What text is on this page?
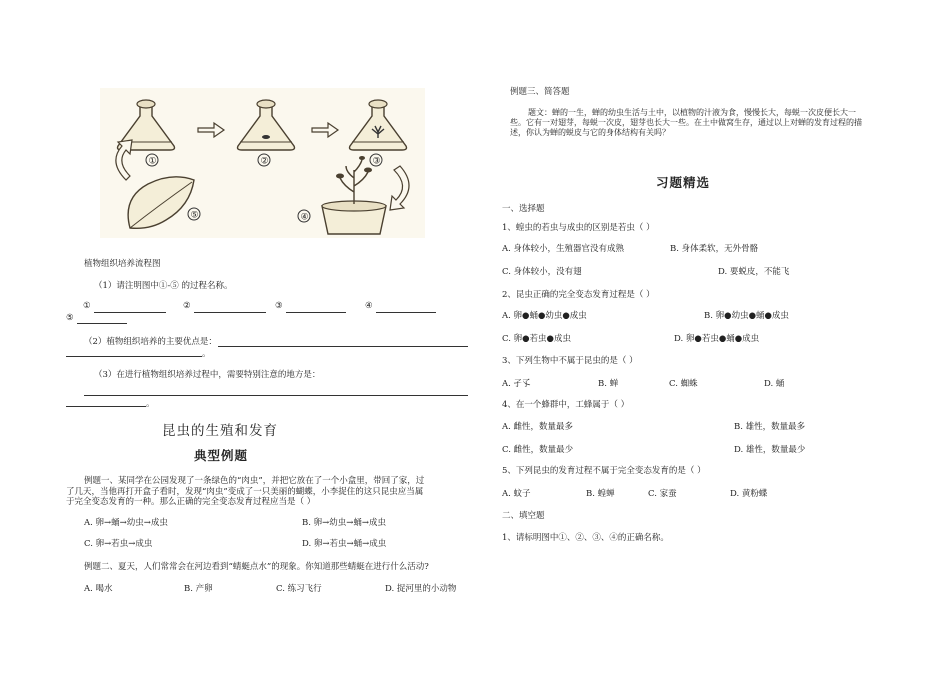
①	②	③
④
⑤
植物组织培养流程图
（1）请注明图中①-⑤ 的过程名称。
①	②	③	④
⑤
（2）植物组织培养的主要优点是：
。
（3）在进行植物组织培养过程中，需要特别注意的地方是：
。
昆虫的生殖和发育
典型例题
例题一、某同学在公园发现了一条绿色的“肉虫”，并把它放在了一个小盒里，带回了家，过
了几天，当他再打开盒子看时，发现“肉虫”变成了一只美丽的蝴蝶，小李捉住的这只昆虫应当属
于完全变态发育的一种。那么正确的完全变态发育过程应当是（ ）
A. 卵→蛹→幼虫→成虫	B. 卵→幼虫→蛹→成虫
C. 卵→若虫→成虫	D. 卵→若虫→蛹→成虫
例题二、夏天，人们常常会在河边看到“蜻蜓点水”的现象。你知道那些蜻蜓在进行什么活动?
A. 喝水	B. 产卵	C. 练习飞行	D. 捉河里的小动物
例题三、简答题
题文：蝉的一生，蝉的幼虫生活与土中，以植物的汁液为食，慢慢长大，每蜕一次皮便长大一
些。它有一对翅芽，每蜕一次皮，翅芽也长大一些。在土中做窝生存，通过以上对蝉的发育过程的描
述，你认为蝉的蜕皮与它的身体结构有关吗？
习题精选
一、选择题
1、蝗虫的若虫与成虫的区别是若虫（ ）
A. 身体较小，生殖器官没有成熟	B. 身体柔软，无外骨骼
C. 身体较小，没有翅	D. 要蜕皮，不能飞
2、昆虫正确的完全变态发育过程是（ ）
A. 卵●蛹●幼虫●成虫	B. 卵●幼虫●蛹●成虫
C. 卵●若虫●成虫	D. 卵●若虫●蛹●成虫
3、下列生物中不属于昆虫的是（ ）
A. 孑孓	B. 蝉	C. 蜘蛛	D. 蛹
4、在一个蜂群中，工蜂属于（ ）
A. 雌性，数量最多	B. 雄性，数量最多
C. 雌性，数量最少	D. 雄性，数量最少
5、下列昆虫的发育过程不属于完全变态发育的是（ ）
A. 蚊子	B. 蝗蝉	C. 家蚕	D. 黄粉蝶
二、填空题
1、请标明图中①、②、③、④的正确名称。
